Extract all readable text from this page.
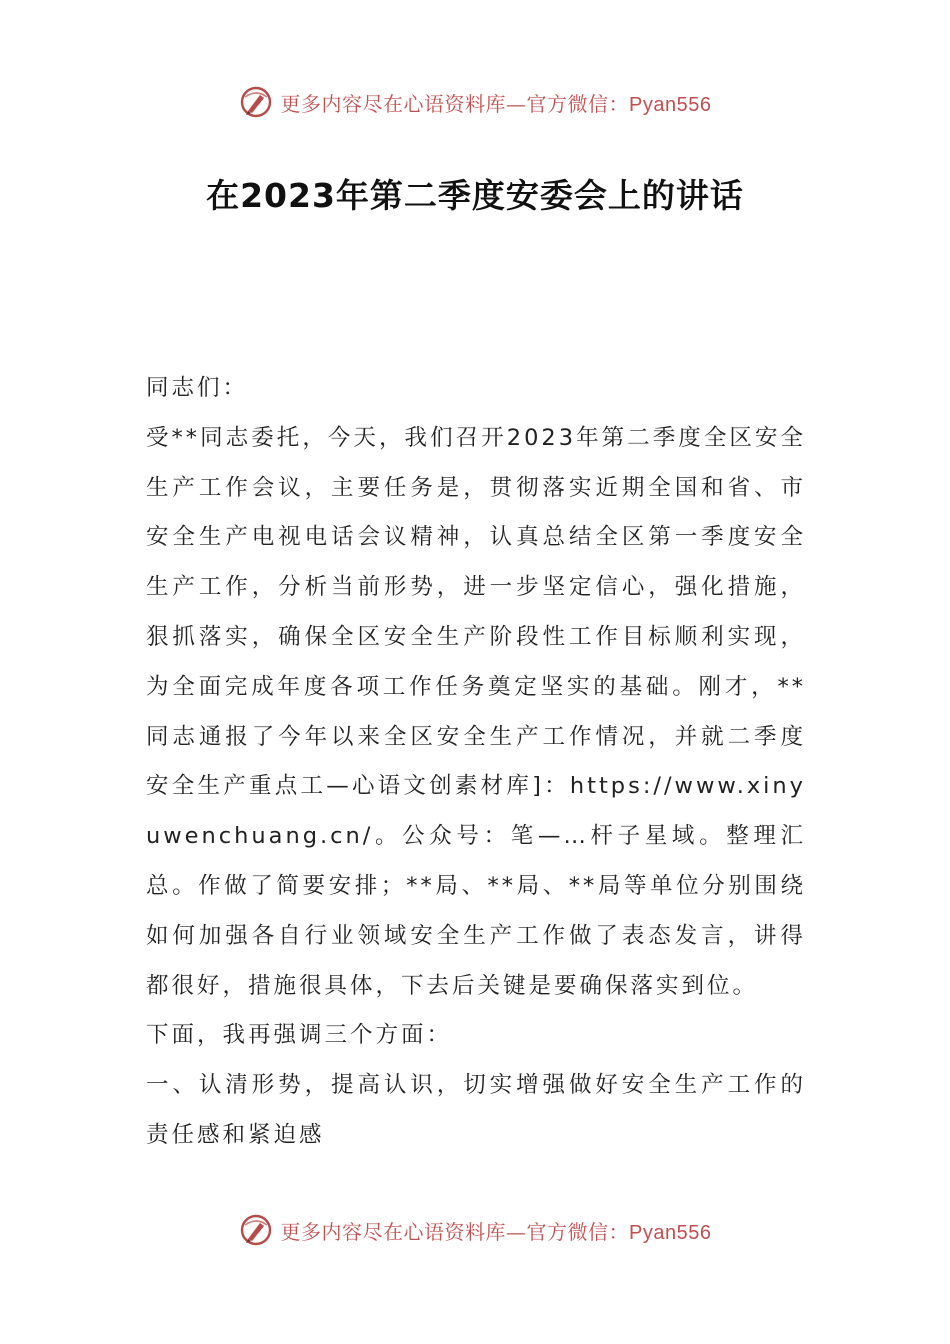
更多内容尽在心语资料库—官方微信：Pyan556
在2023年第二季度安委会上的讲话

同志们：

受**同志委托，今天，我们召开2023年第二季度全区安全生产工作会议，主要任务是，贯彻落实近期全国和省、市安全生产电视电话会议精神，认真总结全区第一季度安全生产工作，分析当前形势，进一步坚定信心，强化措施，狠抓落实，确保全区安全生产阶段性工作目标顺利实现，为全面完成年度各项工作任务奠定坚实的基础。刚才，**同志通报了今年以来全区安全生产工作情况，并就二季度安全生产重点工—心语文创素材库]：https://www.xinyuwenchuang.cn/。公众号：笔—…杆子星域。整理汇总。作做了简要安排；**局、**局、**局等单位分别围绕如何加强各自行业领域安全生产工作做了表态发言，讲得都很好，措施很具体，下去后关键是要确保落实到位。

下面，我再强调三个方面：

一、认清形势，提高认识，切实增强做好安全生产工作的责任感和紧迫感

更多内容尽在心语资料库—官方微信：Pyan556
